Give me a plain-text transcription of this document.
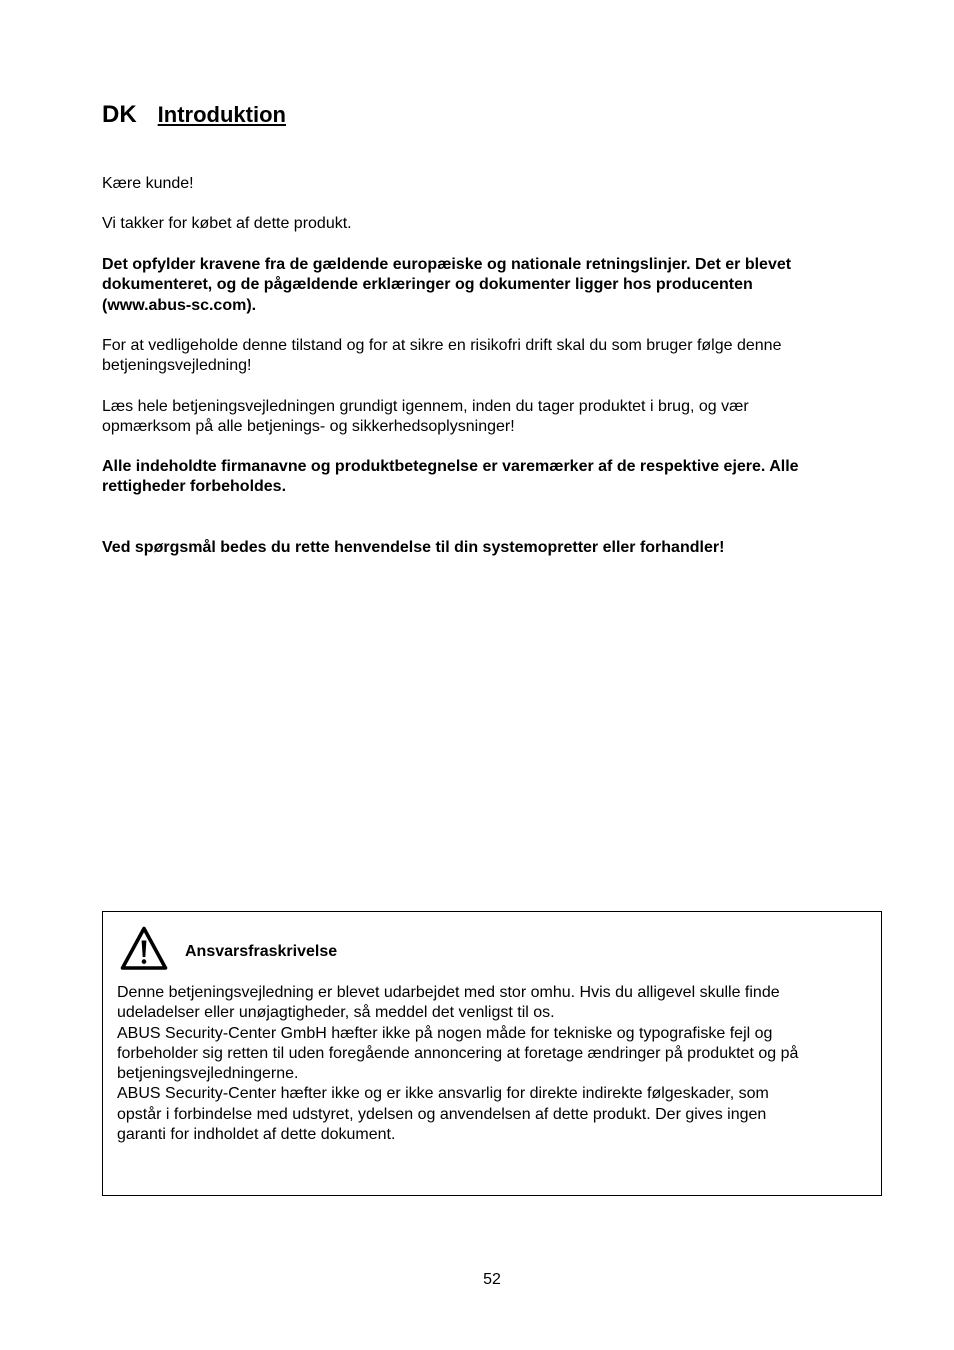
DK Introduktion
Kære kunde!
Vi takker for købet af dette produkt.
Det opfylder kravene fra de gældende europæiske og nationale retningslinjer. Det er blevet
dokumenteret, og de pågældende erklæringer og dokumenter ligger hos producenten
(www.abus-sc.com).
For at vedligeholde denne tilstand og for at sikre en risikofri drift skal du som bruger følge denne
betjeningsvejledning!
Læs hele betjeningsvejledningen grundigt igennem, inden du tager produktet i brug, og vær
opmærksom på alle betjenings- og sikkerhedsoplysninger!
Alle indeholdte firmanavne og produktbetegnelse er varemærker af de respektive ejere. Alle
rettigheder forbeholdes.
Ved spørgsmål bedes du rette henvendelse til din systemopretter eller forhandler!
Ansvarsfraskrivelse
Denne betjeningsvejledning er blevet udarbejdet med stor omhu. Hvis du alligevel skulle finde
udeladelser eller unøjagtigheder, så meddel det venligst til os.
ABUS Security-Center GmbH hæfter ikke på nogen måde for tekniske og typografiske fejl og
forbeholder sig retten til uden foregående annoncering at foretage ændringer på produktet og på
betjeningsvejledningerne.
ABUS Security-Center hæfter ikke og er ikke ansvarlig for direkte indirekte følgeskader, som
opstår i forbindelse med udstyret, ydelsen og anvendelsen af dette produkt. Der gives ingen
garanti for indholdet af dette dokument.
52
